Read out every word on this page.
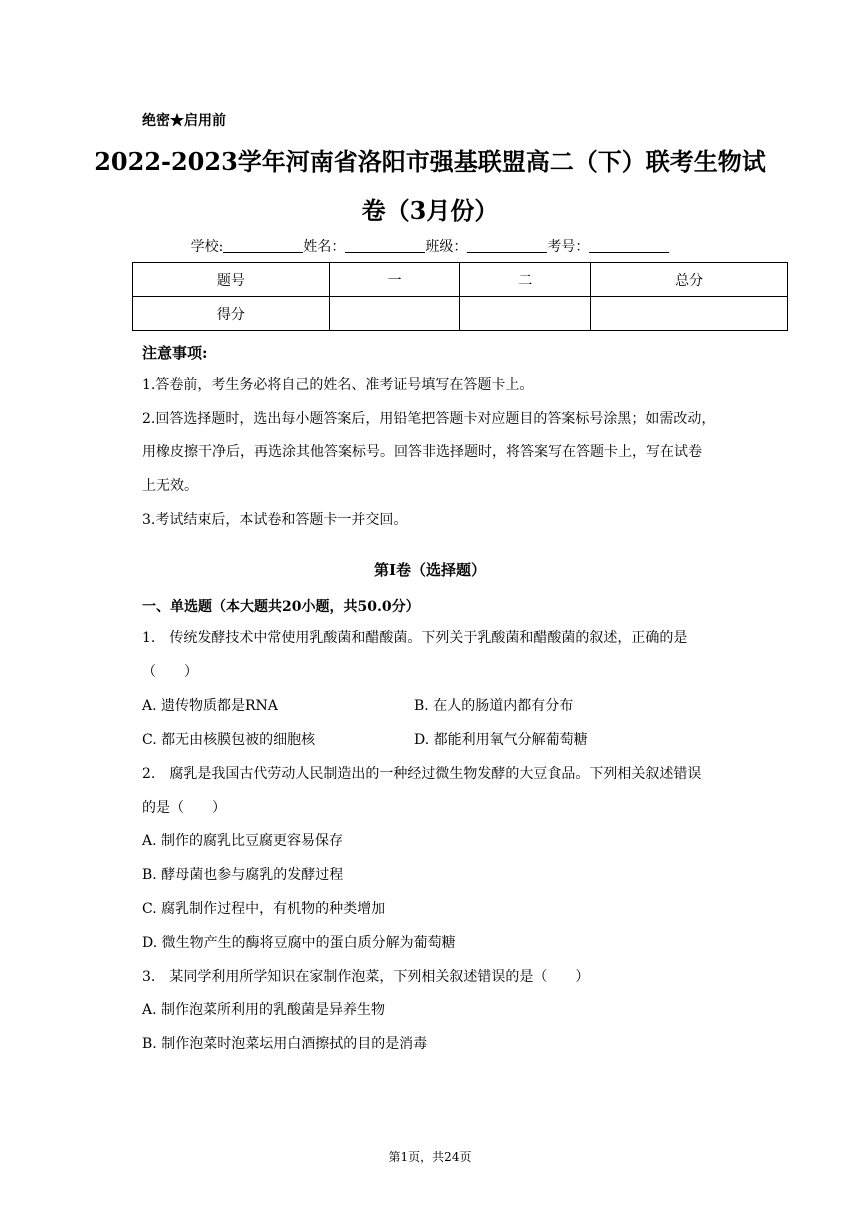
绝密★启用前
2022-2023学年河南省洛阳市强基联盟高二（下）联考生物试
卷（3月份）
学校:	姓名：	班级：	考号：
题号	一	二	总分
得分			
注意事项:
1.答卷前，考生务必将自己的姓名、准考证号填写在答题卡上。
2.回答选择题时，选出每小题答案后，用铅笔把答题卡对应题目的答案标号涂黑；如需改动，
用橡皮擦干净后，再选涂其他答案标号。回答非选择题时，将答案写在答题卡上，写在试卷
上无效。
3.考试结束后，本试卷和答题卡一并交回。
第Ⅰ卷（选择题）
一、单选题（本大题共20小题，共50.0分）
1.　传统发酵技术中常使用乳酸菌和醋酸菌。下列关于乳酸菌和醋酸菌的叙述，正确的是
（　　）
A. 遗传物质都是RNA	B. 在人的肠道内都有分布
C. 都无由核膜包被的细胞核	D. 都能利用氧气分解葡萄糖
2.　腐乳是我国古代劳动人民制造出的一种经过微生物发酵的大豆食品。下列相关叙述错误
的是（　　）
A. 制作的腐乳比豆腐更容易保存
B. 酵母菌也参与腐乳的发酵过程
C. 腐乳制作过程中，有机物的种类增加
D. 微生物产生的酶将豆腐中的蛋白质分解为葡萄糖
3.　某同学利用所学知识在家制作泡菜，下列相关叙述错误的是（　　）
A. 制作泡菜所利用的乳酸菌是异养生物
B. 制作泡菜时泡菜坛用白酒擦拭的目的是消毒
第1页，共24页
